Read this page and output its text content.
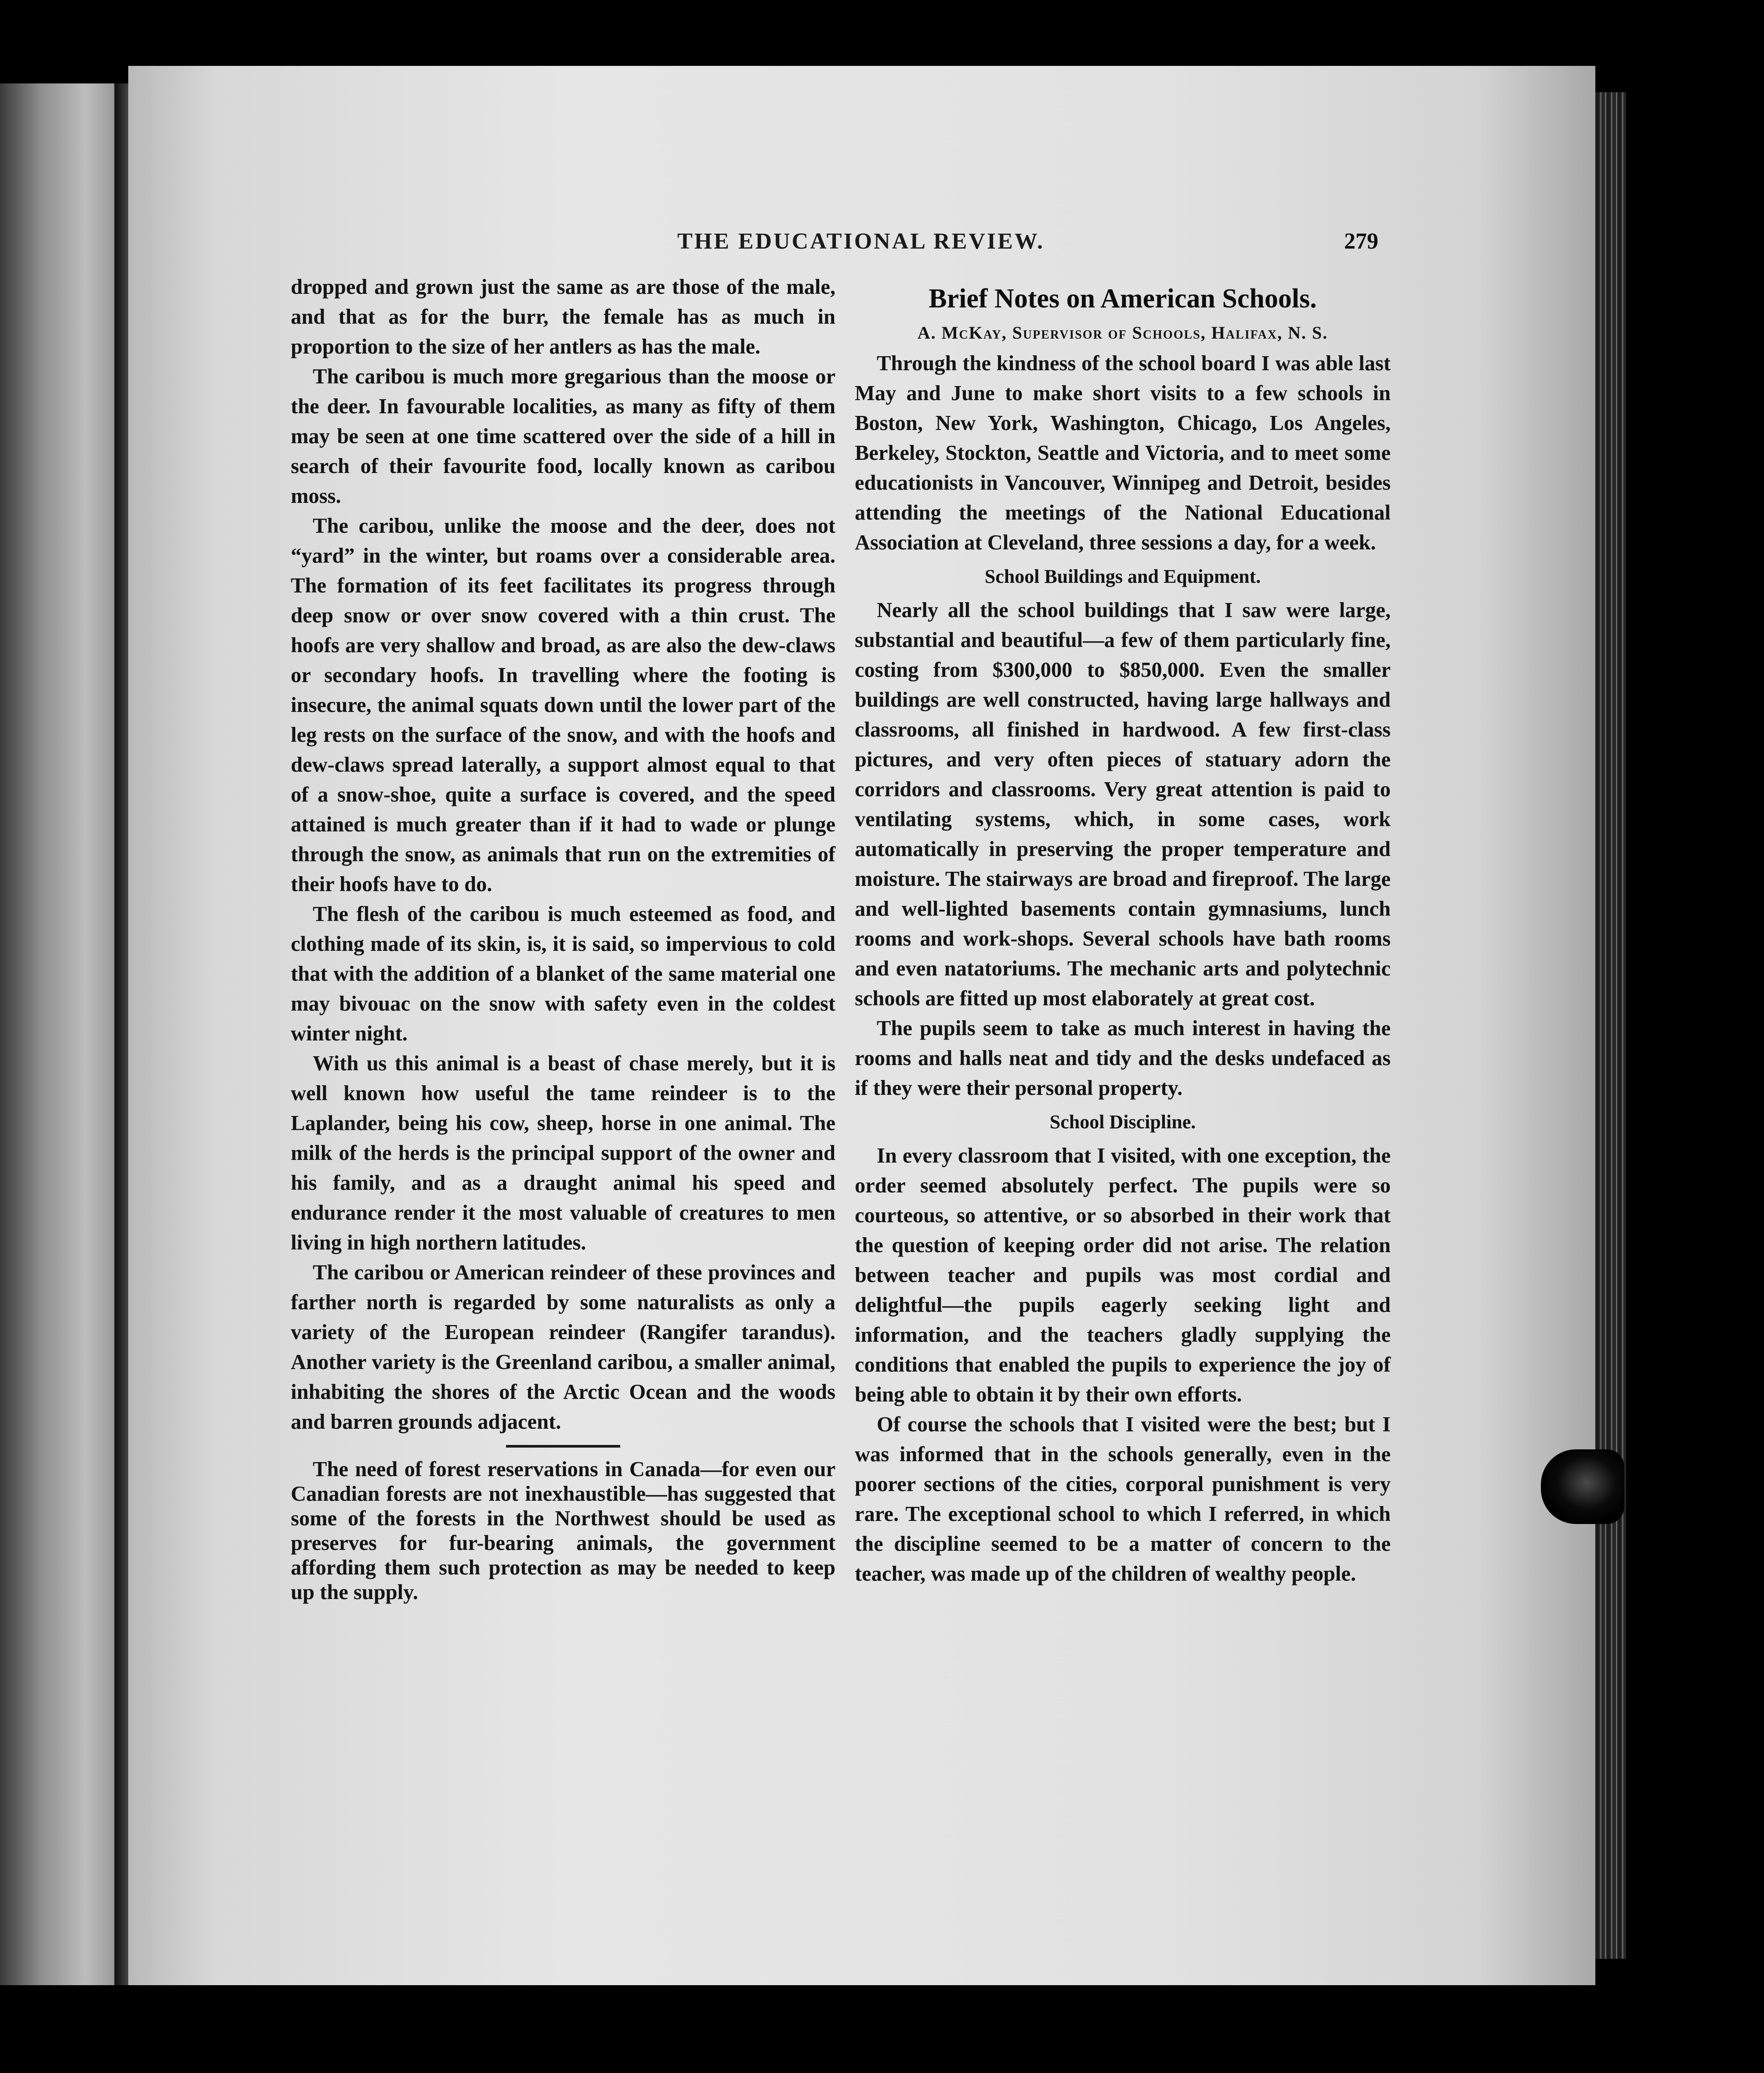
THE EDUCATIONAL REVIEW.	279

dropped and grown just the same as are those of the male, and that as for the burr, the female has as much in proportion to the size of her antlers as has the male.

The caribou is much more gregarious than the moose or the deer. In favourable localities, as many as fifty of them may be seen at one time scattered over the side of a hill in search of their favourite food, locally known as caribou moss.

The caribou, unlike the moose and the deer, does not “yard” in the winter, but roams over a considerable area. The formation of its feet facilitates its progress through deep snow or over snow covered with a thin crust. The hoofs are very shallow and broad, as are also the dew-claws or secondary hoofs. In travelling where the footing is insecure, the animal squats down until the lower part of the leg rests on the surface of the snow, and with the hoofs and dew-claws spread laterally, a support almost equal to that of a snow-shoe, quite a surface is covered, and the speed attained is much greater than if it had to wade or plunge through the snow, as animals that run on the extremities of their hoofs have to do.

The flesh of the caribou is much esteemed as food, and clothing made of its skin, is, it is said, so impervious to cold that with the addition of a blanket of the same material one may bivouac on the snow with safety even in the coldest winter night.

With us this animal is a beast of chase merely, but it is well known how useful the tame reindeer is to the Laplander, being his cow, sheep, horse in one animal. The milk of the herds is the principal support of the owner and his family, and as a draught animal his speed and endurance render it the most valuable of creatures to men living in high northern latitudes.

The caribou or American reindeer of these provinces and farther north is regarded by some naturalists as only a variety of the European reindeer (Rangifer tarandus). Another variety is the Greenland caribou, a smaller animal, inhabiting the shores of the Arctic Ocean and the woods and barren grounds adjacent.

The need of forest reservations in Canada—for even our Canadian forests are not inexhaustible—has suggested that some of the forests in the Northwest should be used as preserves for fur-bearing animals, the government affording them such protection as may be needed to keep up the supply.

Brief Notes on American Schools.
A. McKay, Supervisor of Schools, Halifax, N. S.

Through the kindness of the school board I was able last May and June to make short visits to a few schools in Boston, New York, Washington, Chicago, Los Angeles, Berkeley, Stockton, Seattle and Victoria, and to meet some educationists in Vancouver, Winnipeg and Detroit, besides attending the meetings of the National Educational Association at Cleveland, three sessions a day, for a week.

School Buildings and Equipment.

Nearly all the school buildings that I saw were large, substantial and beautiful—a few of them particularly fine, costing from $300,000 to $850,000. Even the smaller buildings are well constructed, having large hallways and classrooms, all finished in hardwood. A few first-class pictures, and very often pieces of statuary adorn the corridors and classrooms. Very great attention is paid to ventilating systems, which, in some cases, work automatically in preserving the proper temperature and moisture. The stairways are broad and fireproof. The large and well-lighted basements contain gymnasiums, lunch rooms and work-shops. Several schools have bath rooms and even natatoriums. The mechanic arts and polytechnic schools are fitted up most elaborately at great cost.

The pupils seem to take as much interest in having the rooms and halls neat and tidy and the desks undefaced as if they were their personal property.

School Discipline.

In every classroom that I visited, with one exception, the order seemed absolutely perfect. The pupils were so courteous, so attentive, or so absorbed in their work that the question of keeping order did not arise. The relation between teacher and pupils was most cordial and delightful—the pupils eagerly seeking light and information, and the teachers gladly supplying the conditions that enabled the pupils to experience the joy of being able to obtain it by their own efforts.

Of course the schools that I visited were the best; but I was informed that in the schools generally, even in the poorer sections of the cities, corporal punishment is very rare. The exceptional school to which I referred, in which the discipline seemed to be a matter of concern to the teacher, was made up of the children of wealthy people.
